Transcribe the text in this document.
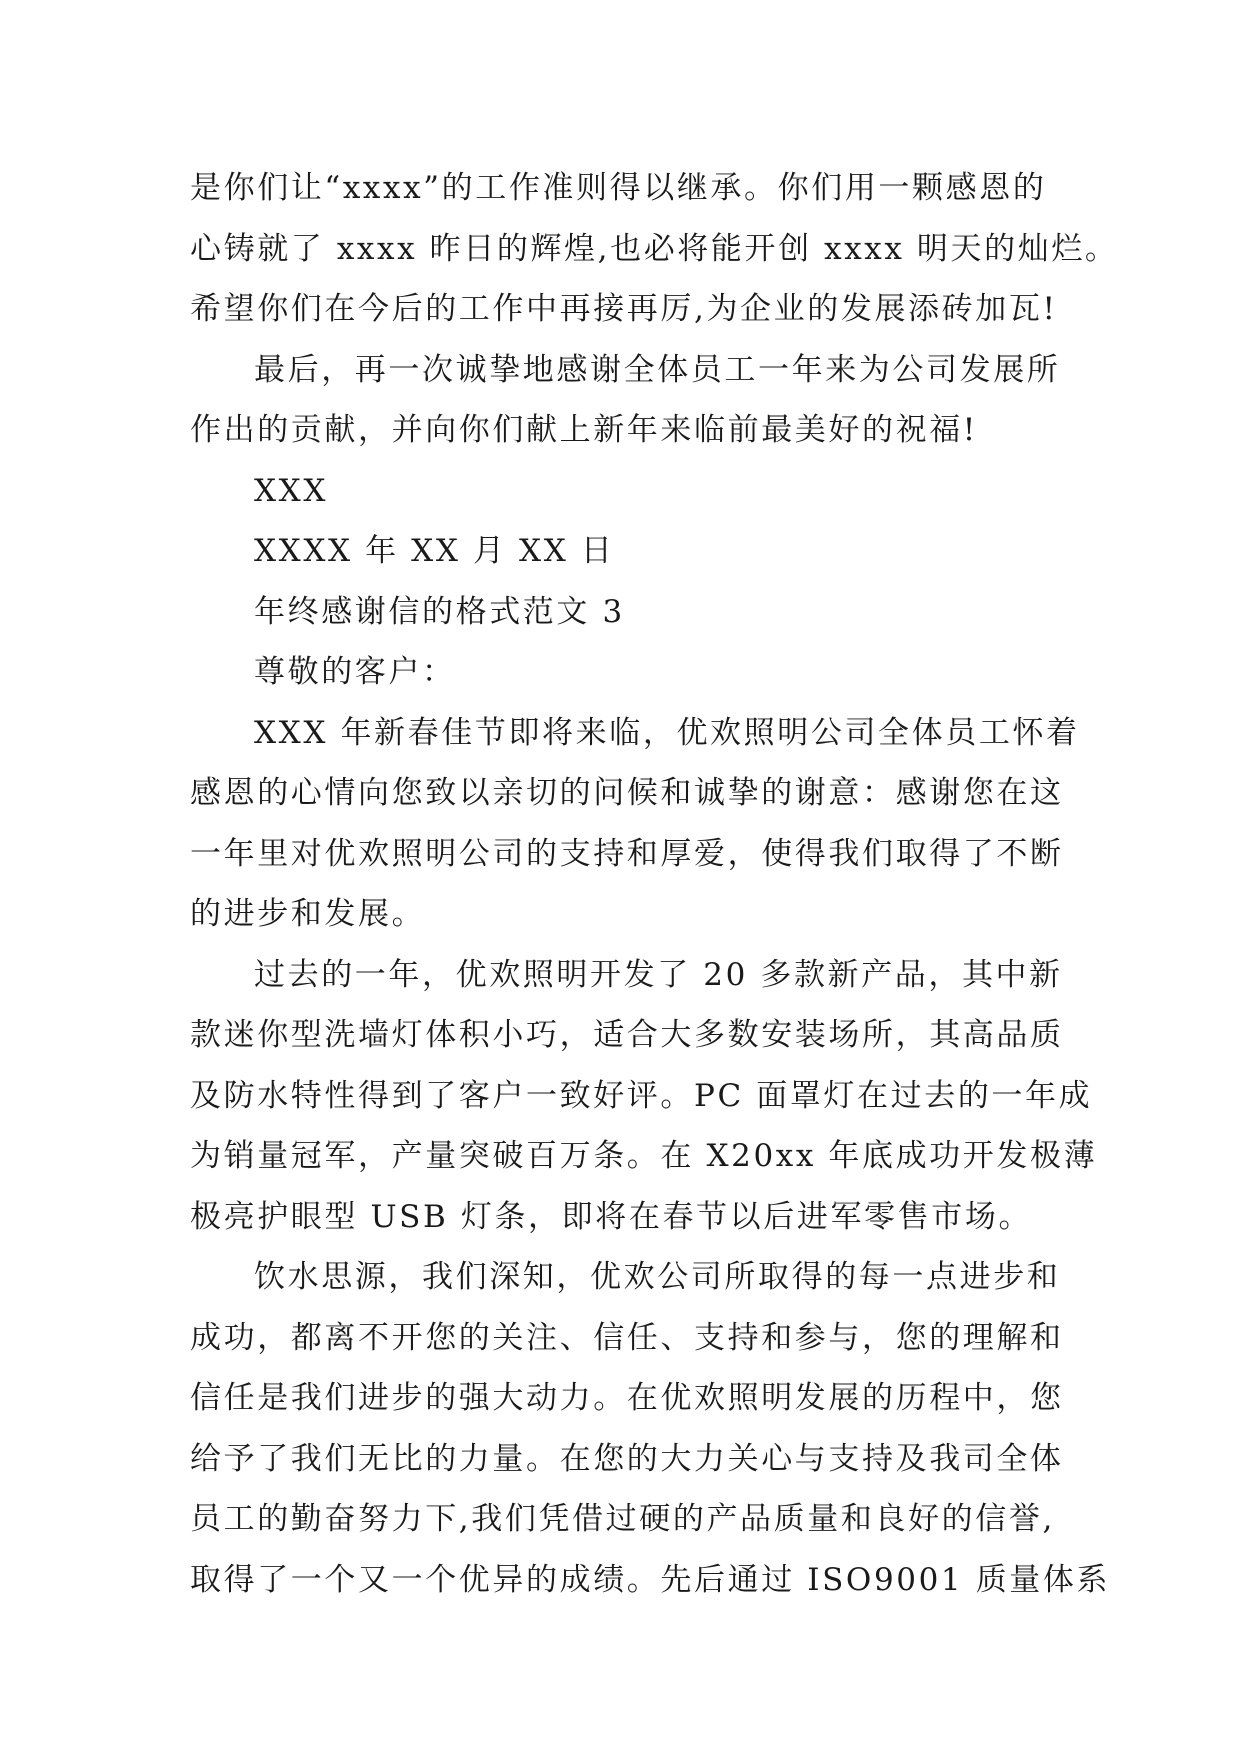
是你们让“xxxx”的工作准则得以继承。你们用一颗感恩的
心铸就了 xxxx 昨日的辉煌,也必将能开创 xxxx 明天的灿烂。
希望你们在今后的工作中再接再厉,为企业的发展添砖加瓦!
最后，再一次诚挚地感谢全体员工一年来为公司发展所
作出的贡献，并向你们献上新年来临前最美好的祝福!
XXX
XXXX 年 XX 月 XX 日
年终感谢信的格式范文 3
尊敬的客户：
XXX 年新春佳节即将来临，优欢照明公司全体员工怀着
感恩的心情向您致以亲切的问候和诚挚的谢意：感谢您在这
一年里对优欢照明公司的支持和厚爱，使得我们取得了不断
的进步和发展。
过去的一年，优欢照明开发了 20 多款新产品，其中新
款迷你型洗墙灯体积小巧，适合大多数安装场所，其高品质
及防水特性得到了客户一致好评。PC 面罩灯在过去的一年成
为销量冠军，产量突破百万条。在 X20xx 年底成功开发极薄
极亮护眼型 USB 灯条，即将在春节以后进军零售市场。
饮水思源，我们深知，优欢公司所取得的每一点进步和
成功，都离不开您的关注、信任、支持和参与，您的理解和
信任是我们进步的强大动力。在优欢照明发展的历程中，您
给予了我们无比的力量。在您的大力关心与支持及我司全体
员工的勤奋努力下,我们凭借过硬的产品质量和良好的信誉,
取得了一个又一个优异的成绩。先后通过 ISO9001 质量体系
